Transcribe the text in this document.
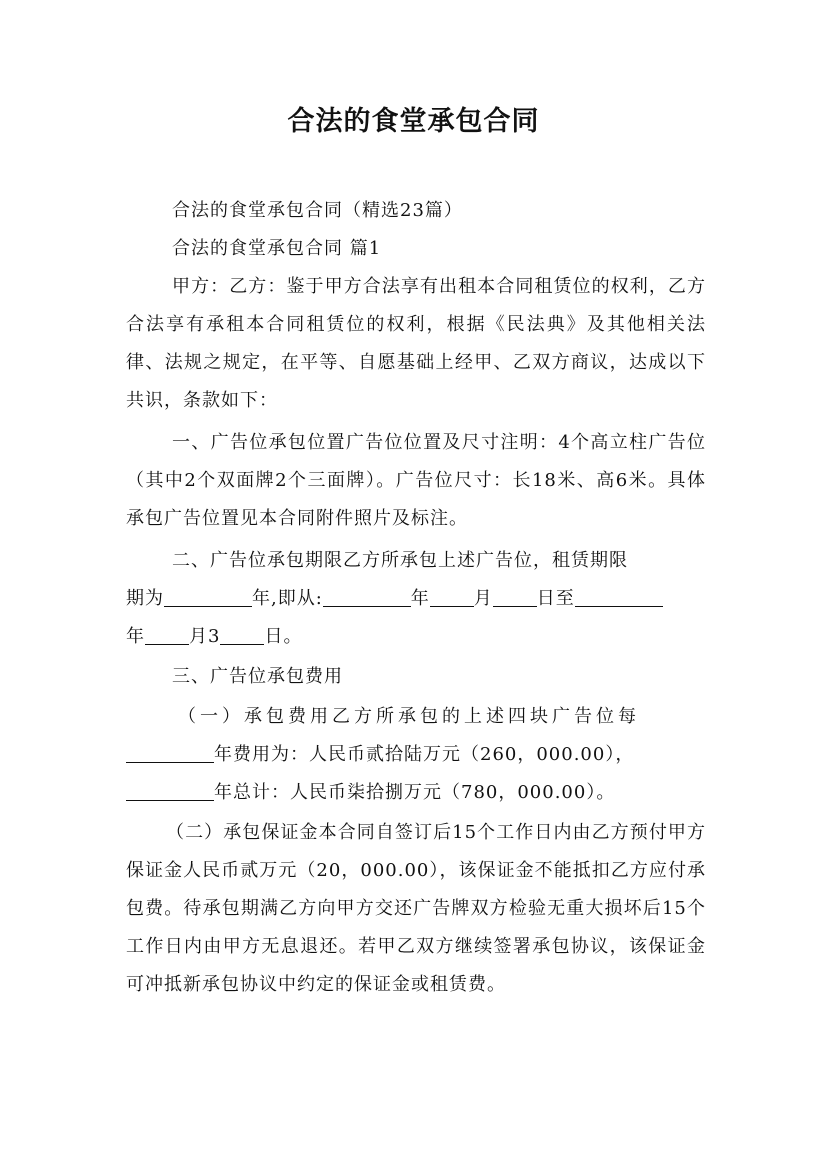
合法的食堂承包合同
合法的食堂承包合同（精选23篇）
合法的食堂承包合同 篇1
甲方：乙方：鉴于甲方合法享有出租本合同租赁位的权利，乙方合法享有承租本合同租赁位的权利，根据《民法典》及其他相关法律、法规之规定，在平等、自愿基础上经甲、乙双方商议，达成以下共识，条款如下：
一、广告位承包位置广告位位置及尺寸注明：4个高立柱广告位（其中2个双面牌2个三面牌）。广告位尺寸：长18米、高6米。具体承包广告位置见本合同附件照片及标注。
二、广告位承包期限乙方所承包上述广告位，租赁期限
期为	年,即从:	年 月 日至
年 月3 日。
三、广告位承包费用
（一）承包费用乙方所承包的上述四块广告位每
年费用为：人民币贰拾陆万元（260，000.00），
年总计：人民币柒拾捌万元（780，000.00）。
（二）承包保证金本合同自签订后15个工作日内由乙方预付甲方保证金人民币贰万元（20，000.00），该保证金不能抵扣乙方应付承包费。待承包期满乙方向甲方交还广告牌双方检验无重大损坏后15个工作日内由甲方无息退还。若甲乙双方继续签署承包协议，该保证金可冲抵新承包协议中约定的保证金或租赁费。
